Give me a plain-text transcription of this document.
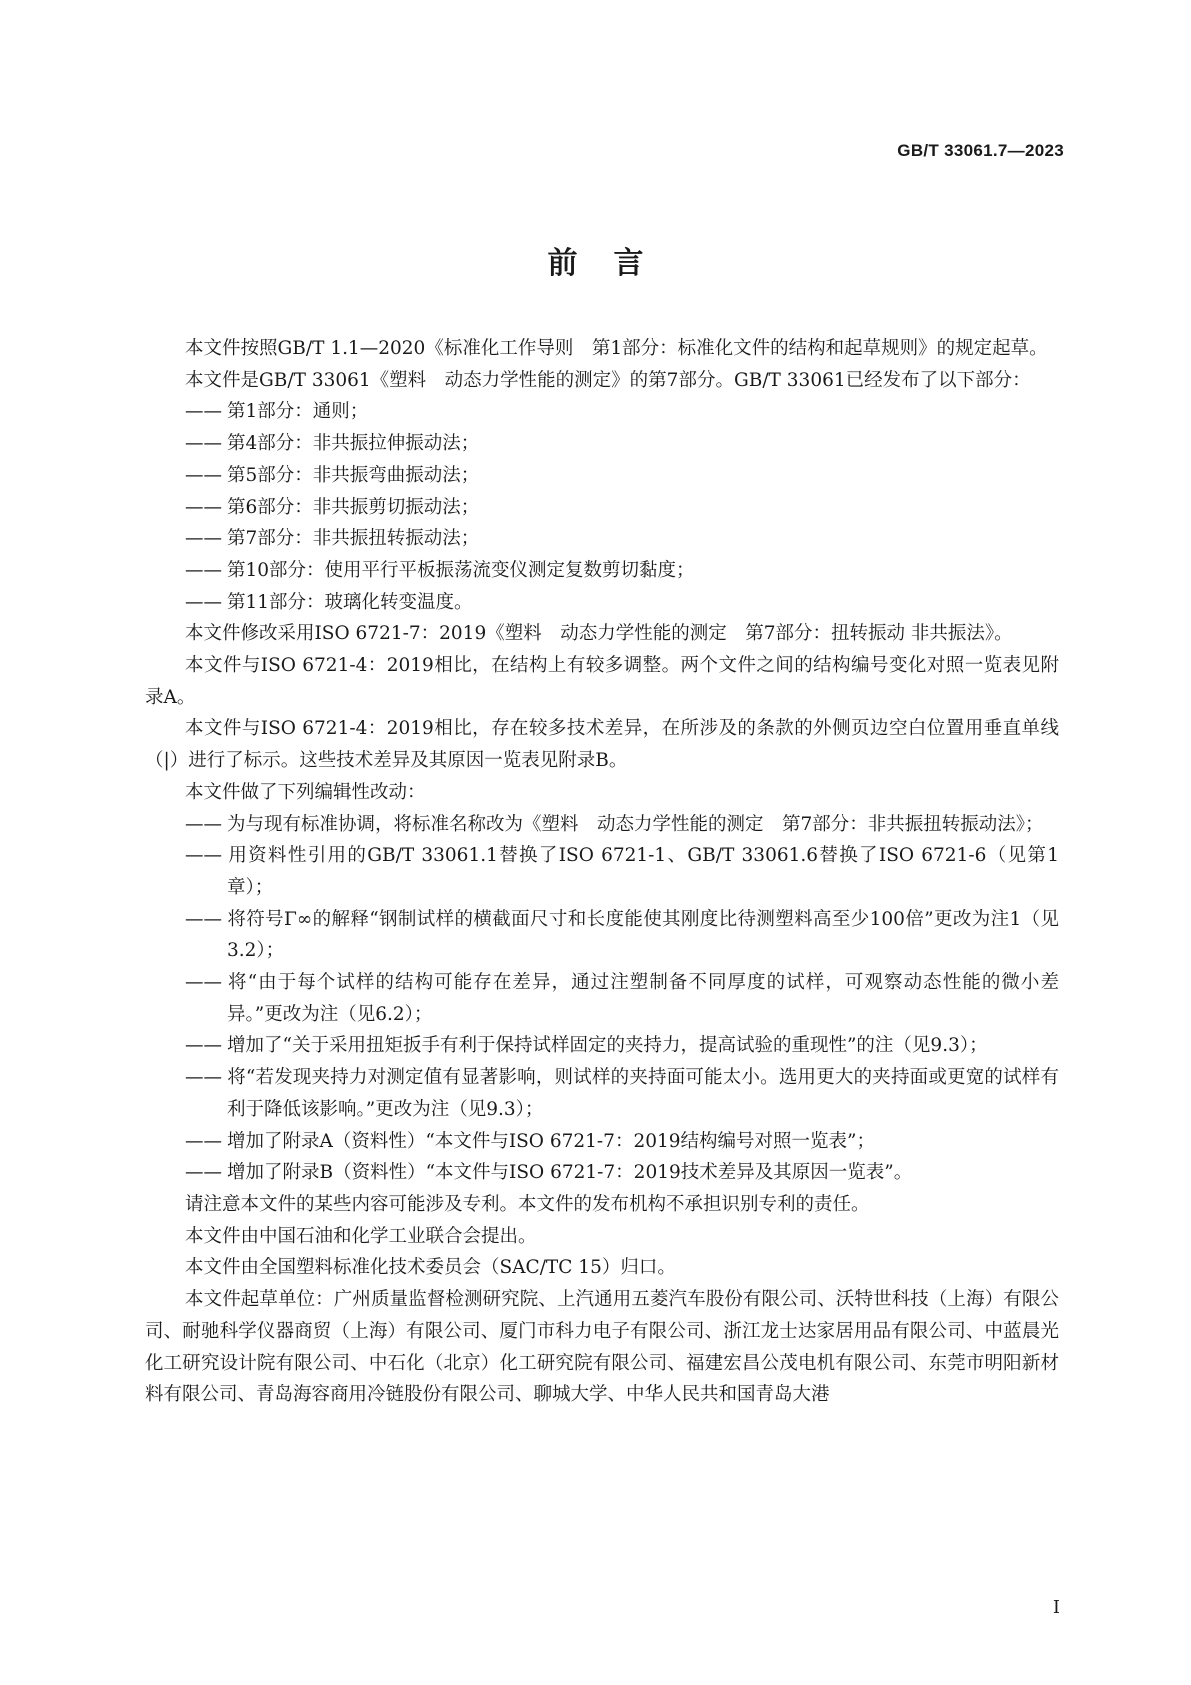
GB/T 33061.7—2023
前言

本文件按照GB/T 1.1—2020《标准化工作导则　第1部分：标准化文件的结构和起草规则》的规定起草。

本文件是GB/T 33061《塑料　动态力学性能的测定》的第7部分。GB/T 33061已经发布了以下部分：

—— 第1部分：通则；

—— 第4部分：非共振拉伸振动法；

—— 第5部分：非共振弯曲振动法；

—— 第6部分：非共振剪切振动法；

—— 第7部分：非共振扭转振动法；

—— 第10部分：使用平行平板振荡流变仪测定复数剪切黏度；

—— 第11部分：玻璃化转变温度。

本文件修改采用ISO 6721-7：2019《塑料　动态力学性能的测定　第7部分：扭转振动 非共振法》。

本文件与ISO 6721-4：2019相比，在结构上有较多调整。两个文件之间的结构编号变化对照一览表见附录A。

本文件与ISO 6721-4：2019相比，存在较多技术差异，在所涉及的条款的外侧页边空白位置用垂直单线（|）进行了标示。这些技术差异及其原因一览表见附录B。

本文件做了下列编辑性改动：

—— 为与现有标准协调，将标准名称改为《塑料　动态力学性能的测定　第7部分：非共振扭转振动法》；

—— 用资料性引用的GB/T 33061.1替换了ISO 6721-1、GB/T 33061.6替换了ISO 6721-6（见第1章）；

—— 将符号Γ∞的解释“钢制试样的横截面尺寸和长度能使其刚度比待测塑料高至少100倍”更改为注1（见3.2）；

—— 将“由于每个试样的结构可能存在差异，通过注塑制备不同厚度的试样，可观察动态性能的微小差异。”更改为注（见6.2）；

—— 增加了“关于采用扭矩扳手有利于保持试样固定的夹持力，提高试验的重现性”的注（见9.3）；

—— 将“若发现夹持力对测定值有显著影响，则试样的夹持面可能太小。选用更大的夹持面或更宽的试样有利于降低该影响。”更改为注（见9.3）；

—— 增加了附录A（资料性）“本文件与ISO 6721-7：2019结构编号对照一览表”；

—— 增加了附录B（资料性）“本文件与ISO 6721-7：2019技术差异及其原因一览表”。

请注意本文件的某些内容可能涉及专利。本文件的发布机构不承担识别专利的责任。

本文件由中国石油和化学工业联合会提出。

本文件由全国塑料标准化技术委员会（SAC/TC 15）归口。

本文件起草单位：广州质量监督检测研究院、上汽通用五菱汽车股份有限公司、沃特世科技（上海）有限公司、耐驰科学仪器商贸（上海）有限公司、厦门市科力电子有限公司、浙江龙士达家居用品有限公司、中蓝晨光化工研究设计院有限公司、中石化（北京）化工研究院有限公司、福建宏昌公茂电机有限公司、东莞市明阳新材料有限公司、青岛海容商用冷链股份有限公司、聊城大学、中华人民共和国青岛大港

I
